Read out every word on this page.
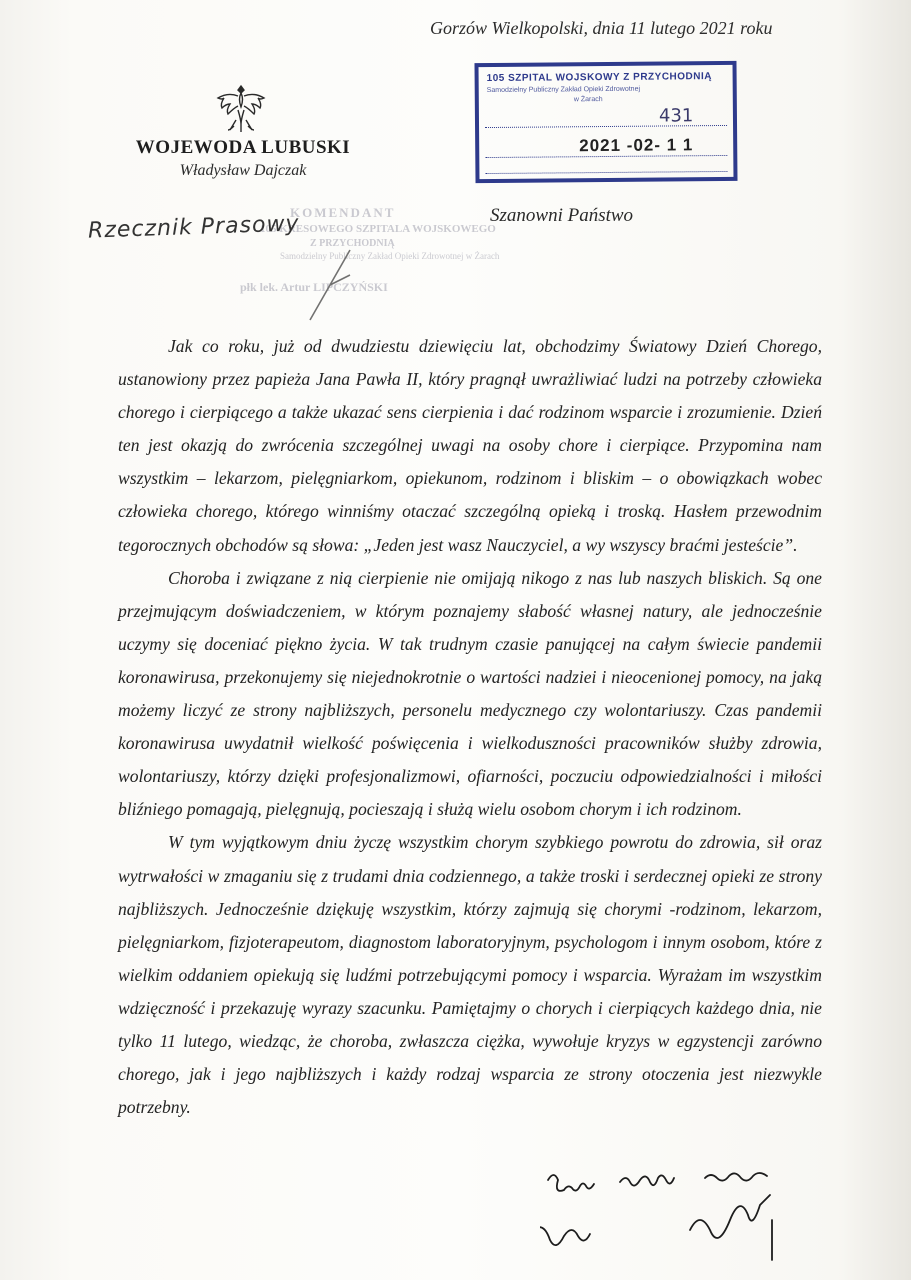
Gorzów Wielkopolski, dnia 11 lutego 2021 roku
WOJEWODA LUBUSKI
Władysław Dajczak
105 SZPITAL WOJSKOWY Z PRZYCHODNIĄ
Samodzielny Publiczny Zakład Opieki Zdrowotnej
w Żarach
431
2021 -02- 1 1
KOMENDANT
105 KRESOWEGO SZPITALA WOJSKOWEGO
Z PRZYCHODNIĄ
Samodzielny Publiczny Zakład Opieki Zdrowotnej w Żarach
płk lek. Artur LIPCZYŃSKI
Rzecznik Prasowy	Szanowni Państwo

Jak co roku, już od dwudziestu dziewięciu lat, obchodzimy Światowy Dzień Chorego, ustanowiony przez papieża Jana Pawła II, który pragnął uwrażliwiać ludzi na potrzeby człowieka chorego i cierpiącego a także ukazać sens cierpienia i dać rodzinom wsparcie i zrozumienie. Dzień ten jest okazją do zwrócenia szczególnej uwagi na osoby chore i cierpiące. Przypomina nam wszystkim – lekarzom, pielęgniarkom, opiekunom, rodzinom i bliskim – o obowiązkach wobec człowieka chorego, którego winniśmy otaczać szczególną opieką i troską. Hasłem przewodnim tegorocznych obchodów są słowa: „Jeden jest wasz Nauczyciel, a wy wszyscy braćmi jesteście”.

Choroba i związane z nią cierpienie nie omijają nikogo z nas lub naszych bliskich. Są one przejmującym doświadczeniem, w którym poznajemy słabość własnej natury, ale jednocześnie uczymy się doceniać piękno życia. W tak trudnym czasie panującej na całym świecie pandemii koronawirusa, przekonujemy się niejednokrotnie o wartości nadziei i nieocenionej pomocy, na jaką możemy liczyć ze strony najbliższych, personelu medycznego czy wolontariuszy. Czas pandemii koronawirusa uwydatnił wielkość poświęcenia i wielkoduszności pracowników służby zdrowia, wolontariuszy, którzy dzięki profesjonalizmowi, ofiarności, poczuciu odpowiedzialności i miłości bliźniego pomagają, pielęgnują, pocieszają i służą wielu osobom chorym i ich rodzinom.

W tym wyjątkowym dniu życzę wszystkim chorym szybkiego powrotu do zdrowia, sił oraz wytrwałości w zmaganiu się z trudami dnia codziennego, a także troski i serdecznej opieki ze strony najbliższych. Jednocześnie dziękuję wszystkim, którzy zajmują się chorymi -rodzinom, lekarzom, pielęgniarkom, fizjoterapeutom, diagnostom laboratoryjnym, psychologom i innym osobom, które z wielkim oddaniem opiekują się ludźmi potrzebującymi pomocy i wsparcia. Wyrażam im wszystkim wdzięczność i przekazuję wyrazy szacunku. Pamiętajmy o chorych i cierpiących każdego dnia, nie tylko 11 lutego, wiedząc, że choroba, zwłaszcza ciężka, wywołuje kryzys w egzystencji zarówno chorego, jak i jego najbliższych i każdy rodzaj wsparcia ze strony otoczenia jest niezwykle potrzebny.
